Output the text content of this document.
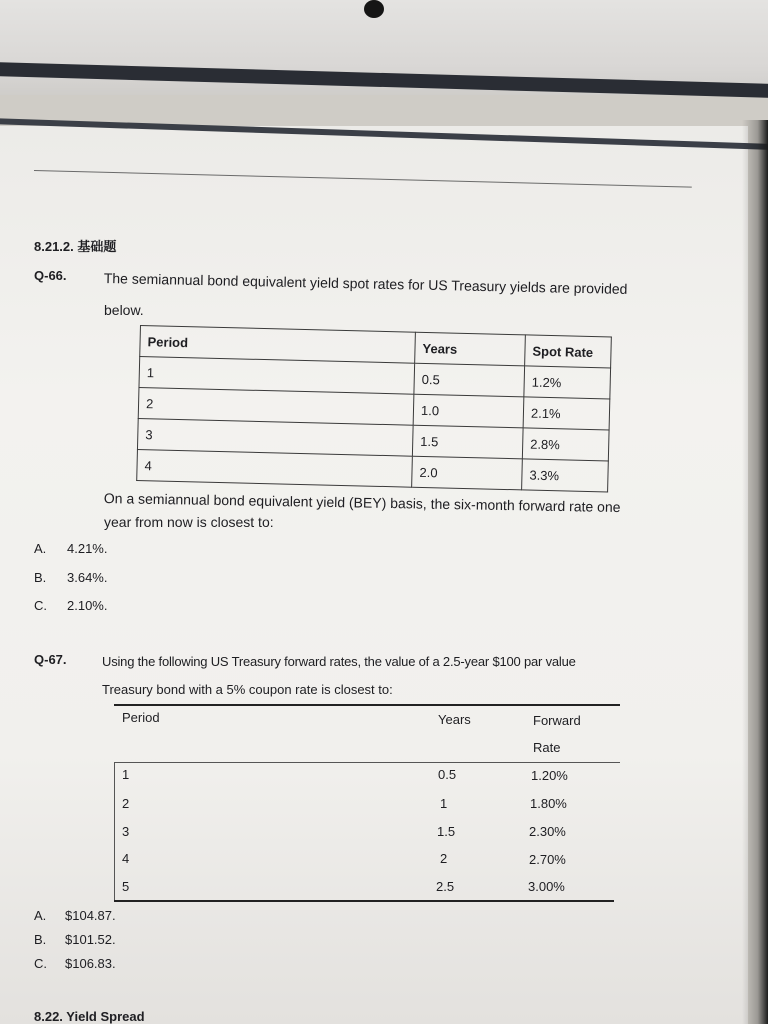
8.21.2. 基础题
Q-66.	The semiannual bond equivalent yield spot rates for US Treasury yields are provided
below.
Period	Years	Spot Rate
1	0.5	1.2%
2	1.0	2.1%
3	1.5	2.8%
4	2.0	3.3%
On a semiannual bond equivalent yield (BEY) basis, the six-month forward rate one
year from now is closest to:
A. 4.21%.
B. 3.64%.
C. 2.10%.
Q-67.	Using the following US Treasury forward rates, the value of a 2.5-year $100 par value
Treasury bond with a 5% coupon rate is closest to:
Period	Years	Forward
Rate
1	0.5	1.20%
2	1	1.80%
3	1.5	2.30%
4	2	2.70%
5	2.5	3.00%
A. $104.87.
B. $101.52.
C. $106.83.
8.22. Yield Spread
